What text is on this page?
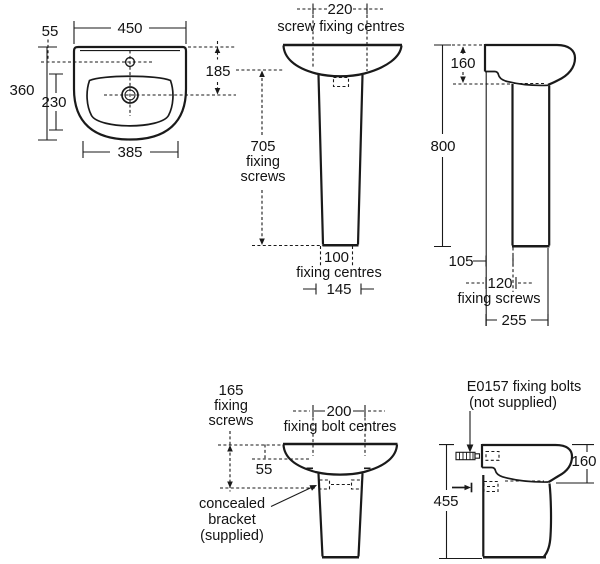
450
55
360
230
385
185
220
screw fixing centres
705
fixing
screws
100
fixing centres
145
160
800
105
120
fixing screws
255
165
fixing
screws
200
fixing bolt centres
55
concealed
bracket
(supplied)
E0157 fixing bolts
(not supplied)
160
455
